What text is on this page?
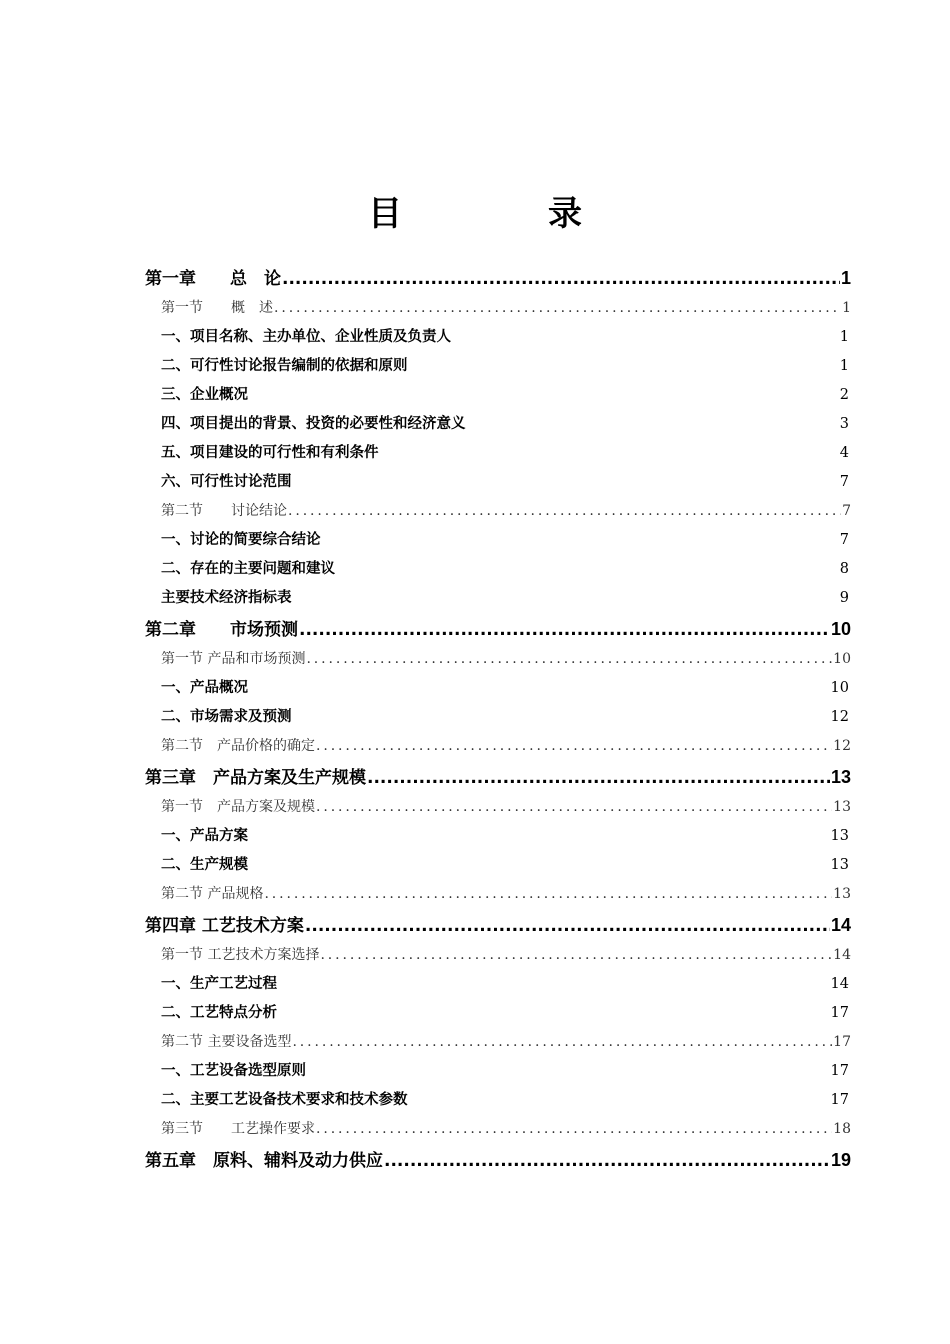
目　录
第一章　　总　论 .....	1
第一节　　概　述 .....	1
一、项目名称、主办单位、企业性质及负责人	1
二、可行性讨论报告编制的依据和原则	1
三、企业概况	2
四、项目提出的背景、投资的必要性和经济意义	3
五、项目建设的可行性和有利条件	4
六、可行性讨论范围	7
第二节　　讨论结论 .....	7
一、讨论的简要综合结论	7
二、存在的主要问题和建议	8
主要技术经济指标表	9
第二章　　市场预测 .....	10
第一节 产品和市场预测 .....	10
一、产品概况	10
二、市场需求及预测	12
第二节　产品价格的确定 .....	12
第三章　产品方案及生产规模 .....	13
第一节　产品方案及规模 .....	13
一、产品方案	13
二、生产规模	13
第二节 产品规格 .....	13
第四章 工艺技术方案 .....	14
第一节 工艺技术方案选择 .....	14
一、生产工艺过程	14
二、工艺特点分析	17
第二节 主要设备选型 .....	17
一、工艺设备选型原则	17
二、主要工艺设备技术要求和技术参数	17
第三节　　工艺操作要求 .....	18
第五章　原料、辅料及动力供应 .....	19
